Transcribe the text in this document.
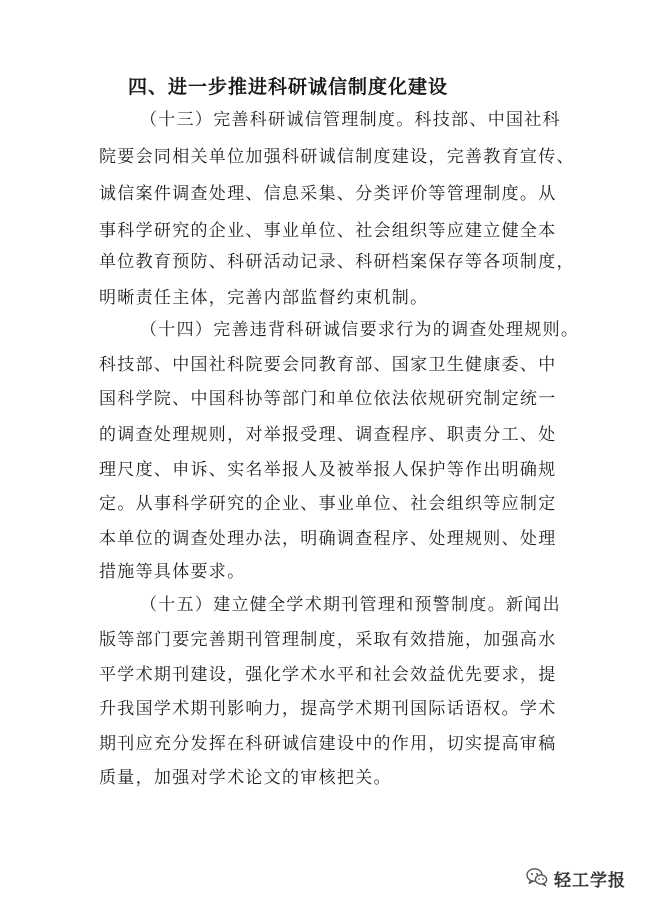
四、进一步推进科研诚信制度化建设
（十三）完善科研诚信管理制度。科技部、中国社科
院要会同相关单位加强科研诚信制度建设，完善教育宣传、
诚信案件调查处理、信息采集、分类评价等管理制度。从
事科学研究的企业、事业单位、社会组织等应建立健全本
单位教育预防、科研活动记录、科研档案保存等各项制度，
明晰责任主体，完善内部监督约束机制。
（十四）完善违背科研诚信要求行为的调查处理规则。
科技部、中国社科院要会同教育部、国家卫生健康委、中
国科学院、中国科协等部门和单位依法依规研究制定统一
的调查处理规则，对举报受理、调查程序、职责分工、处
理尺度、申诉、实名举报人及被举报人保护等作出明确规
定。从事科学研究的企业、事业单位、社会组织等应制定
本单位的调查处理办法，明确调查程序、处理规则、处理
措施等具体要求。
（十五）建立健全学术期刊管理和预警制度。新闻出
版等部门要完善期刊管理制度，采取有效措施，加强高水
平学术期刊建设，强化学术水平和社会效益优先要求，提
升我国学术期刊影响力，提高学术期刊国际话语权。学术
期刊应充分发挥在科研诚信建设中的作用，切实提高审稿
质量，加强对学术论文的审核把关。
轻工学报
